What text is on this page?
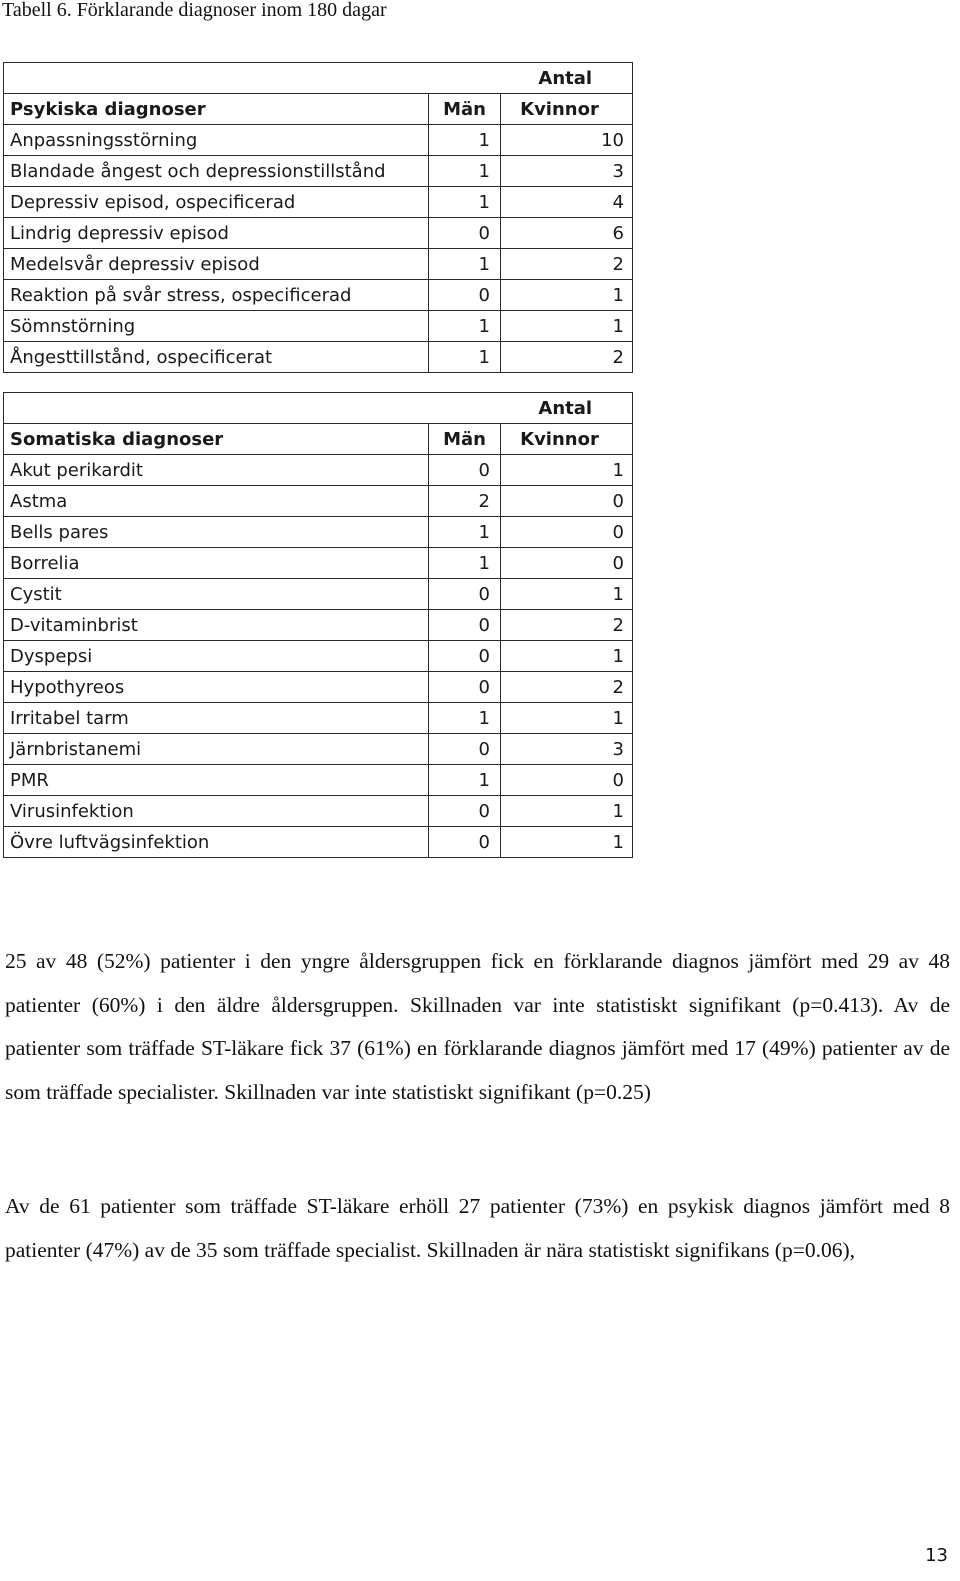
Tabell 6. Förklarande diagnoser inom 180 dagar
		Antal
Psykiska diagnoser	Män	Kvinnor
Anpassningsstörning	1	10
Blandade ångest och depressionstillstånd	1	3
Depressiv episod, ospecificerad	1	4
Lindrig depressiv episod	0	6
Medelsvår depressiv episod	1	2
Reaktion på svår stress, ospecificerad	0	1
Sömnstörning	1	1
Ångesttillstånd, ospecificerat	1	2
		Antal
Somatiska diagnoser	Män	Kvinnor
Akut perikardit	0	1
Astma	2	0
Bells pares	1	0
Borrelia	1	0
Cystit	0	1
D-vitaminbrist	0	2
Dyspepsi	0	1
Hypothyreos	0	2
Irritabel tarm	1	1
Järnbristanemi	0	3
PMR	1	0
Virusinfektion	0	1
Övre luftvägsinfektion	0	1
25 av 48 (52%) patienter i den yngre åldersgruppen fick en förklarande diagnos jämfört med 29 av 48 patienter (60%) i den äldre åldersgruppen. Skillnaden var inte statistiskt signifikant (p=0.413). Av de patienter som träffade ST-läkare fick 37 (61%) en förklarande diagnos jämfört med 17 (49%) patienter av de som träffade specialister. Skillnaden var inte statistiskt signifikant (p=0.25)
Av de 61 patienter som träffade ST-läkare erhöll 27 patienter (73%) en psykisk diagnos jämfört med 8 patienter (47%) av de 35 som träffade specialist. Skillnaden är nära statistiskt signifikans (p=0.06),
13
